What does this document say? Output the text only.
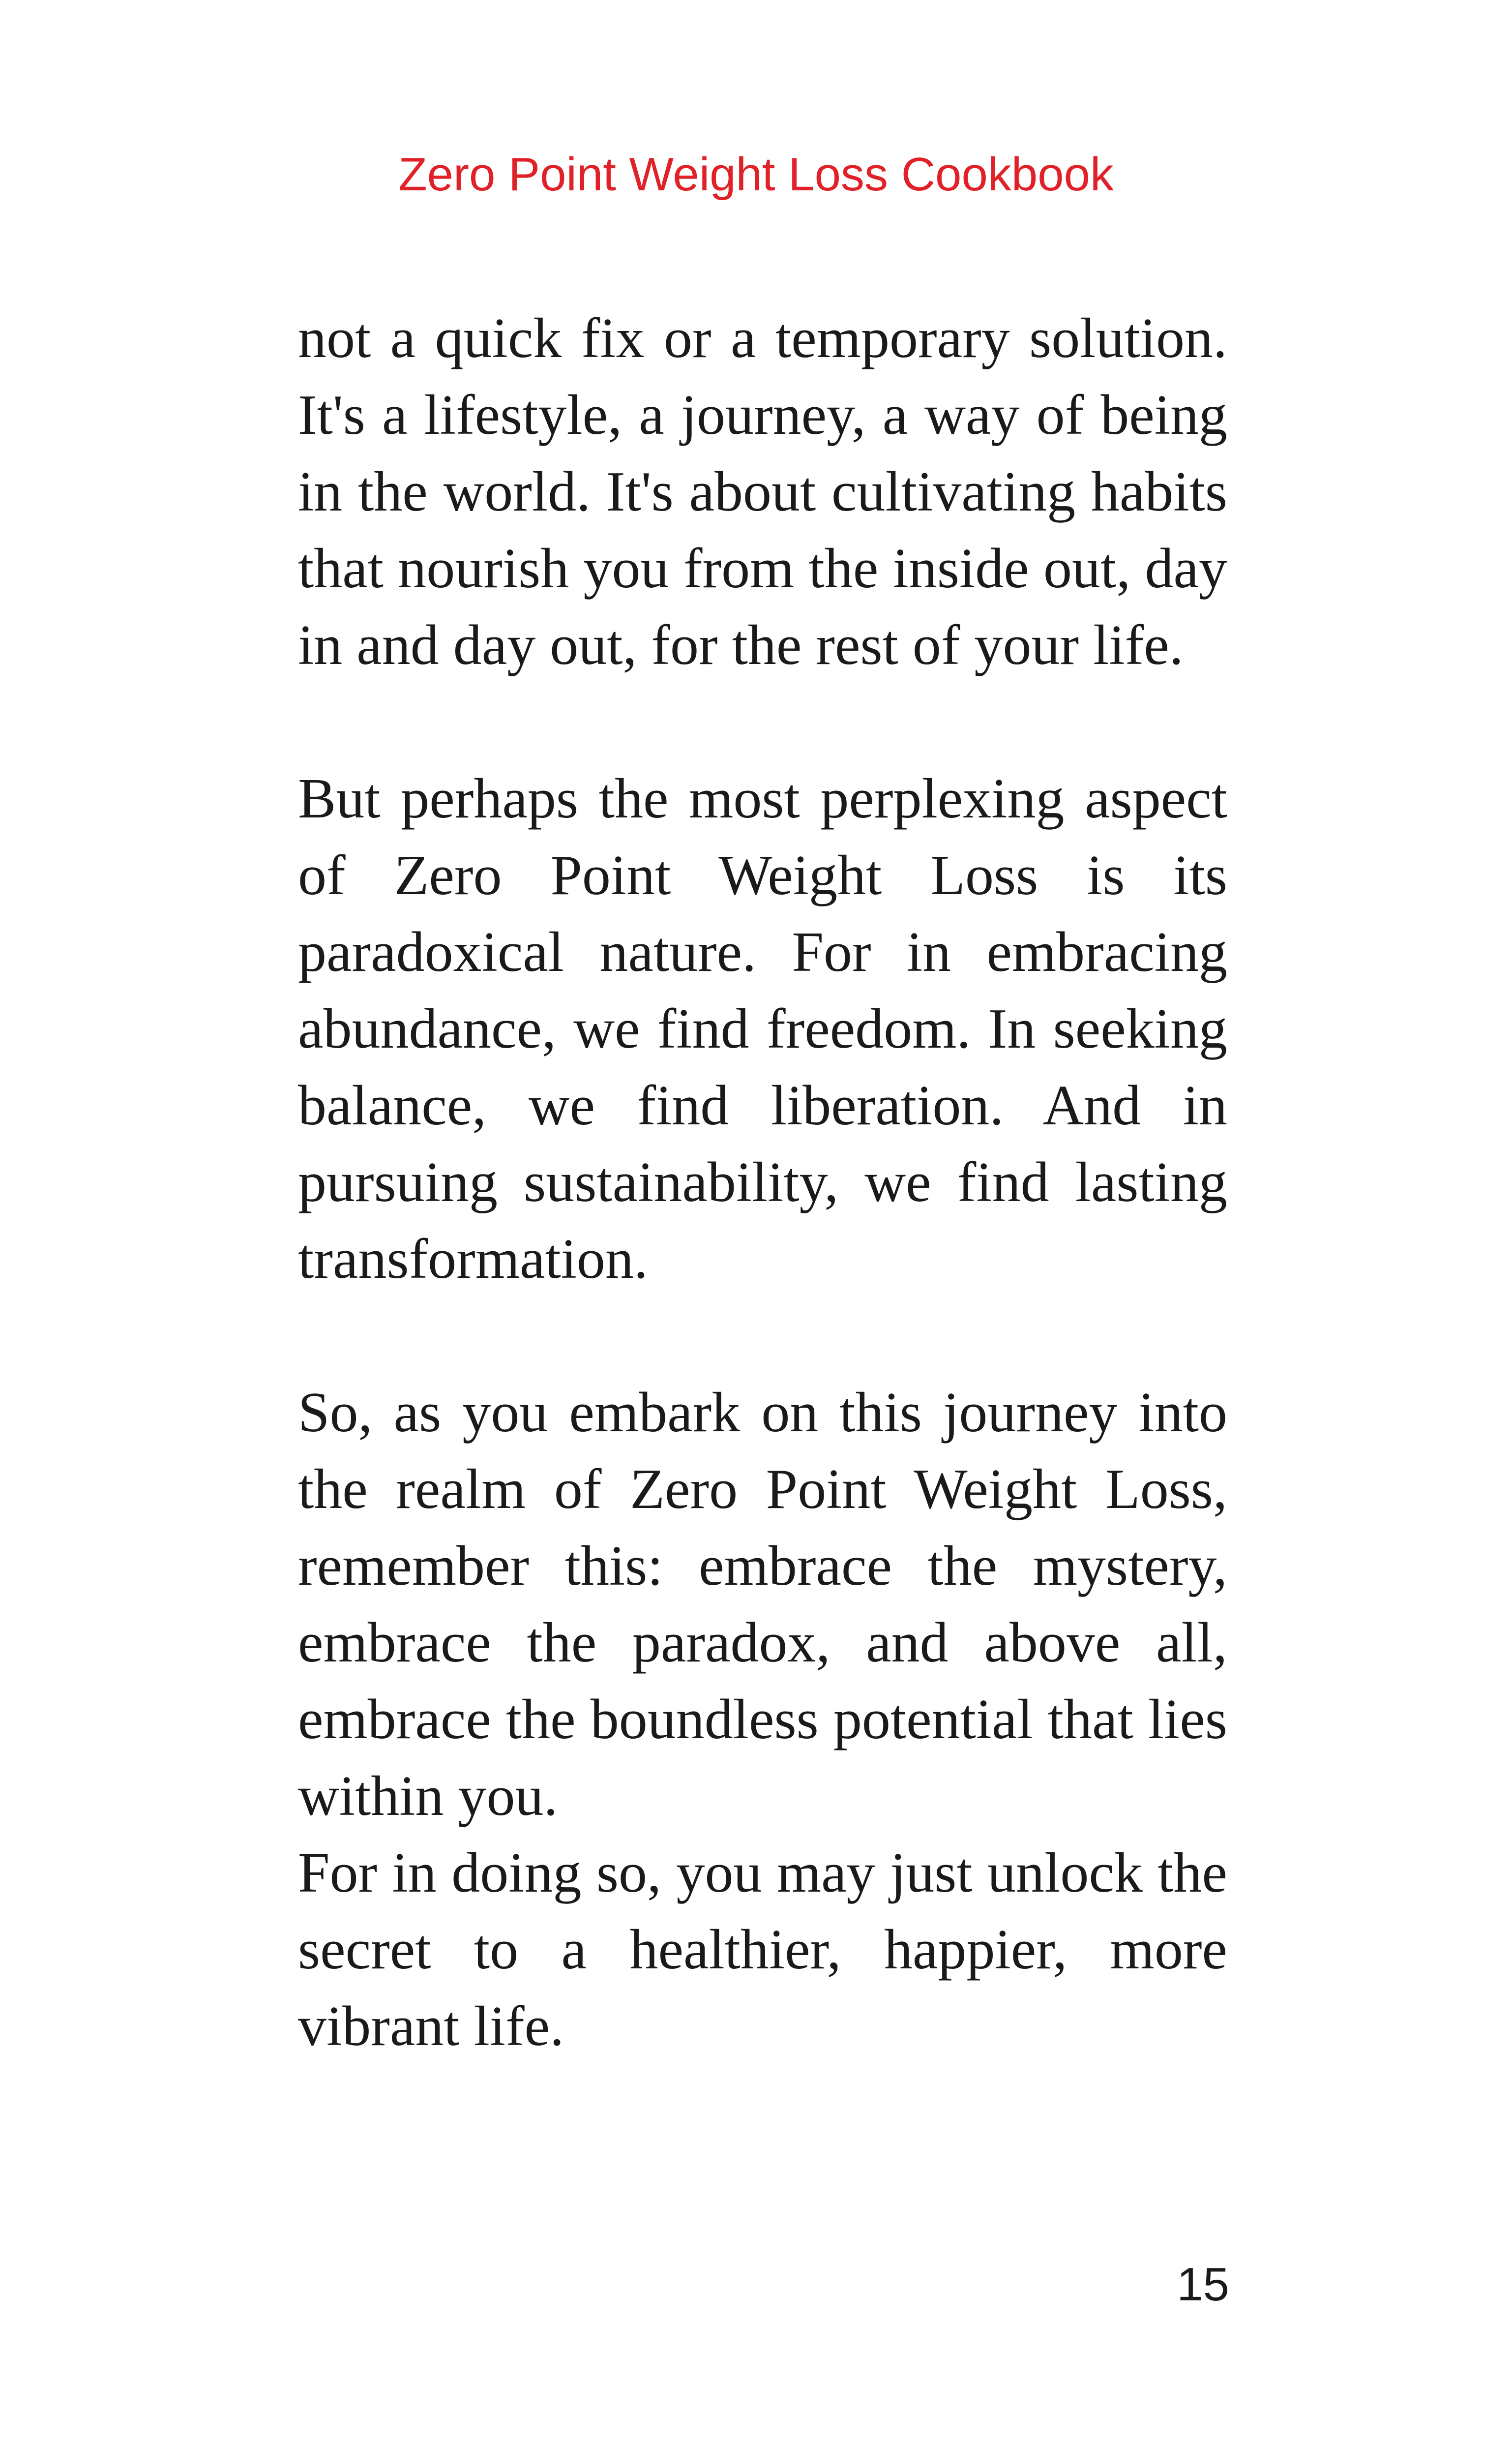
Zero Point Weight Loss Cookbook

not a quick fix or a temporary solution. It's a lifestyle, a journey, a way of being in the world. It's about cultivating habits that nourish you from the inside out, day in and day out, for the rest of your life.

But perhaps the most perplexing aspect of Zero Point Weight Loss is its paradoxical nature. For in embracing abundance, we find freedom. In seeking balance, we find liberation. And in pursuing sustainability, we find lasting transformation.

So, as you embark on this journey into the realm of Zero Point Weight Loss, remember this: embrace the mystery, embrace the paradox, and above all, embrace the boundless potential that lies within you.

For in doing so, you may just unlock the secret to a healthier, happier, more vibrant life.

15
